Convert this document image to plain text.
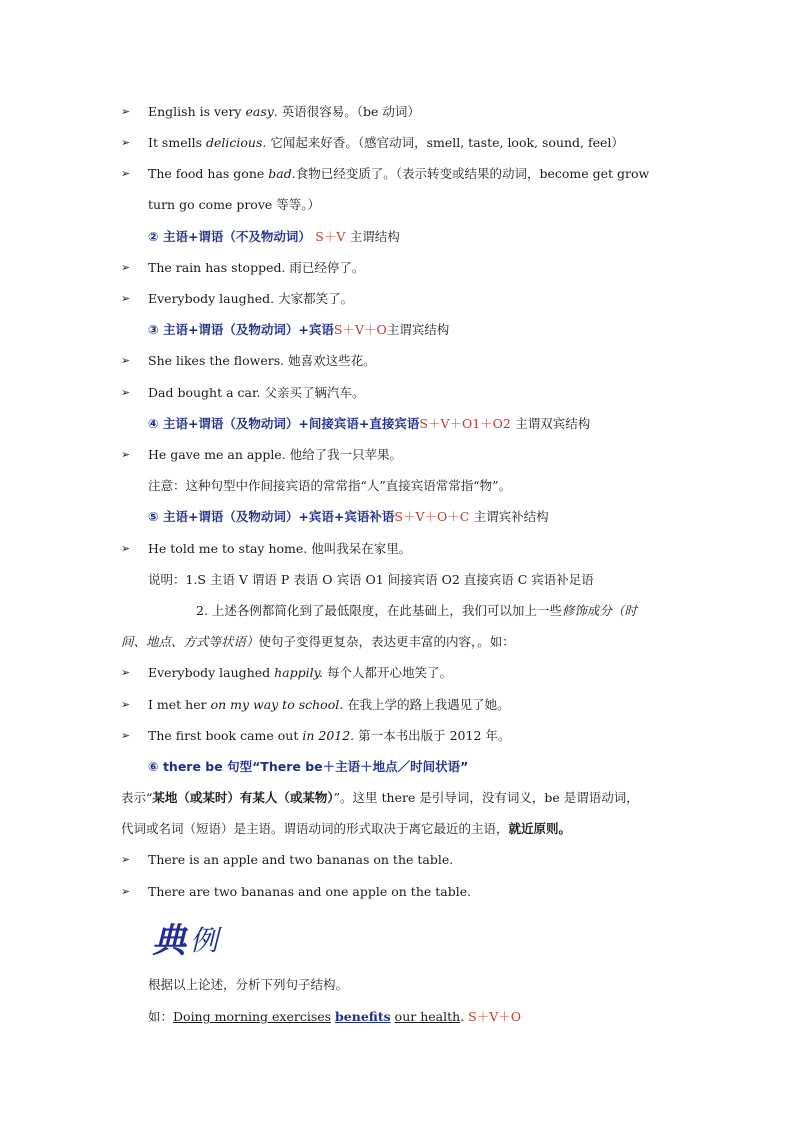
➢ English is very easy. 英语很容易。（be 动词）
➢ It smells delicious. 它闻起来好香。（感官动词，smell, taste, look, sound, feel）
➢ The food has gone bad.食物已经变质了。（表示转变或结果的动词，become get grow
turn go come prove 等等。）
② 主语+谓语（不及物动词） S＋V 主谓结构
➢ The rain has stopped. 雨已经停了。
➢ Everybody laughed. 大家都笑了。
③ 主语+谓语（及物动词）+宾语S＋V＋O主谓宾结构
➢ She likes the flowers. 她喜欢这些花。
➢ Dad bought a car. 父亲买了辆汽车。
④ 主语+谓语（及物动词）+间接宾语+直接宾语S＋V＋O1＋O2 主谓双宾结构
➢ He gave me an apple. 他给了我一只苹果。
注意：这种句型中作间接宾语的常常指“人”直接宾语常常指“物”。
⑤ 主语+谓语（及物动词）+宾语+宾语补语S＋V＋O＋C 主谓宾补结构
➢ He told me to stay home. 他叫我呆在家里。
说明：1.S 主语 V 谓语 P 表语 O 宾语 O1 间接宾语 O2 直接宾语 C 宾语补足语
2. 上述各例都简化到了最低限度，在此基础上，我们可以加上一些修饰成分（时
间、地点、方式等状语）使句子变得更复杂，表达更丰富的内容，。如：
➢ Everybody laughed happily. 每个人都开心地笑了。
➢ I met her on my way to school. 在我上学的路上我遇见了她。
➢ The first book came out in 2012. 第一本书出版于 2012 年。
⑥ there be 句型“There be＋主语＋地点／时间状语”
表示“某地（或某时）有某人（或某物）”。这里 there 是引导词，没有词义，be 是谓语动词，
代词或名词（短语）是主语。谓语动词的形式取决于离它最近的主语，就近原则。
➢ There is an apple and two bananas on the table.
➢ There are two bananas and one apple on the table.
典 例
根据以上论述，分析下列句子结构。
如：Doing morning exercises benefits our health. S＋V＋O
